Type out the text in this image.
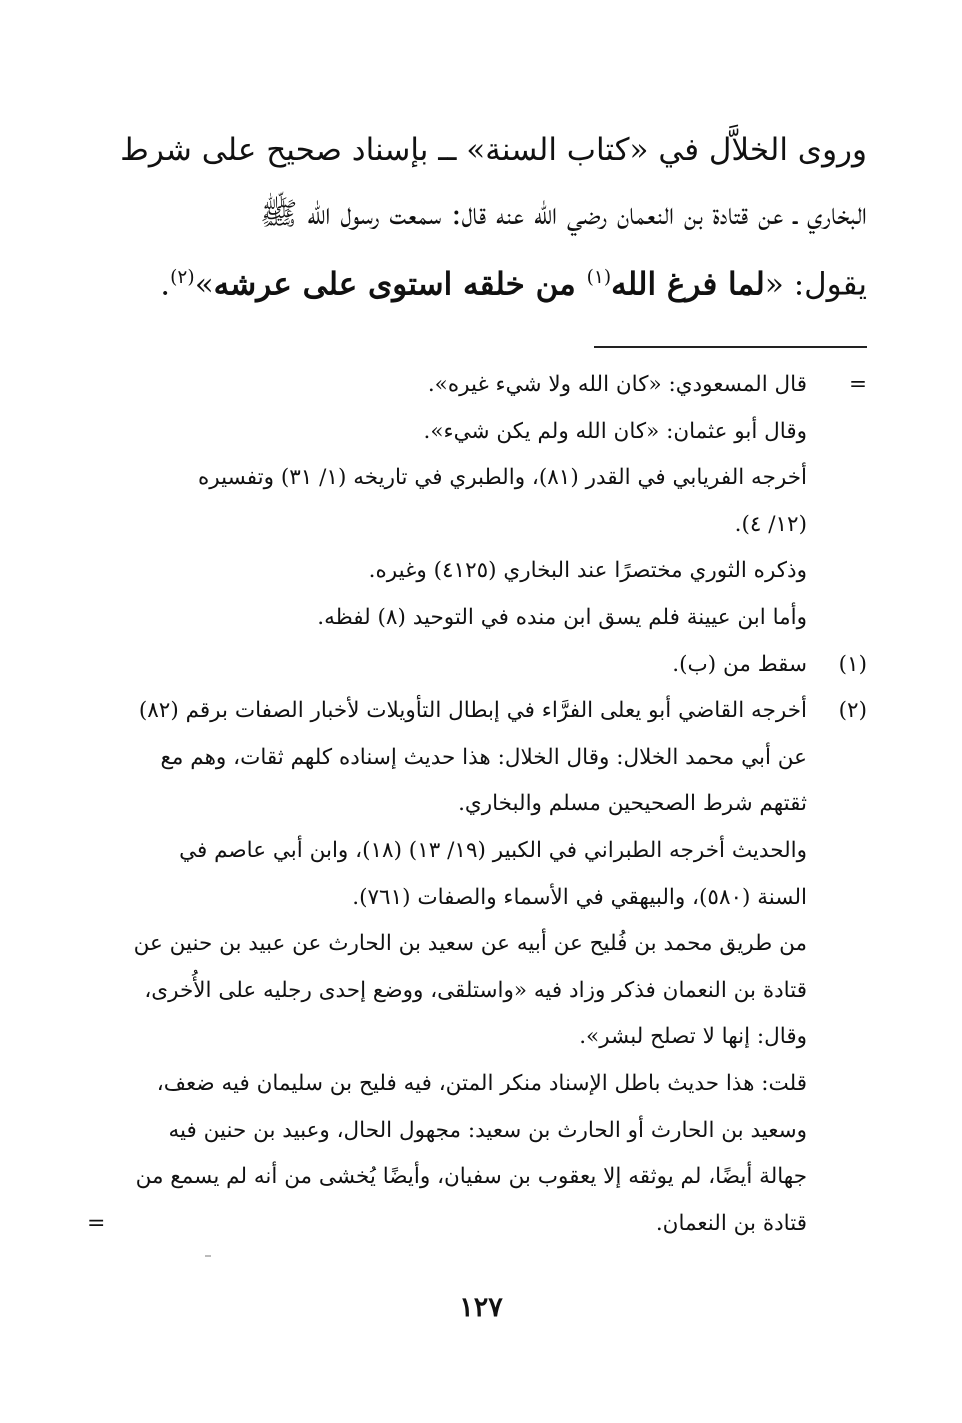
وروى الخلاَّل في «كتاب السنة» ــ بإسناد صحيح على شرط
البخاري ـ عن قتادة بن النعمان رضي الله عنه قال: سمعت رسول الله ﷺ
يقول: «لما فرغ الله$^{(١)}$ من خلقه استوى على عرشه»$^{(٢)}$.
=
قال المسعودي: «كان الله ولا شيء غيره».
وقال أبو عثمان: «كان الله ولم يكن شيء».
أخرجه الفريابي في القدر (٨١)، والطبري في تاريخه (١/ ٣١) وتفسيره
(١٢/ ٤).
وذكره الثوري مختصرًا عند البخاري (٤١٢٥) وغيره.
وأما ابن عيينة فلم يسق ابن منده في التوحيد (٨) لفظه.
(١)
سقط من (ب).
(٢)
أخرجه القاضي أبو يعلى الفرَّاء في إبطال التأويلات لأخبار الصفات برقم (٨٢)
عن أبي محمد الخلال: وقال الخلال: هذا حديث إسناده كلهم ثقات، وهم مع
ثقتهم شرط الصحيحين مسلم والبخاري.
والحديث أخرجه الطبراني في الكبير (١٩/ ١٣) (١٨)، وابن أبي عاصم في
السنة (٥٨٠)، والبيهقي في الأسماء والصفات (٧٦١).
من طريق محمد بن فُليح عن أبيه عن سعيد بن الحارث عن عبيد بن حنين عن
قتادة بن النعمان فذكر وزاد فيه «واستلقى، ووضع إحدى رجليه على الأُخرى،
وقال: إنها لا تصلح لبشر».
قلت: هذا حديث باطل الإسناد منكر المتن، فيه فليح بن سليمان فيه ضعف،
وسعيد بن الحارث أو الحارث بن سعيد: مجهول الحال، وعبيد بن حنين فيه
جهالة أيضًا، لم يوثقه إلا يعقوب بن سفيان، وأيضًا يُخشى من أنه لم يسمع من
قتادة بن النعمان.
=
١٢٧
